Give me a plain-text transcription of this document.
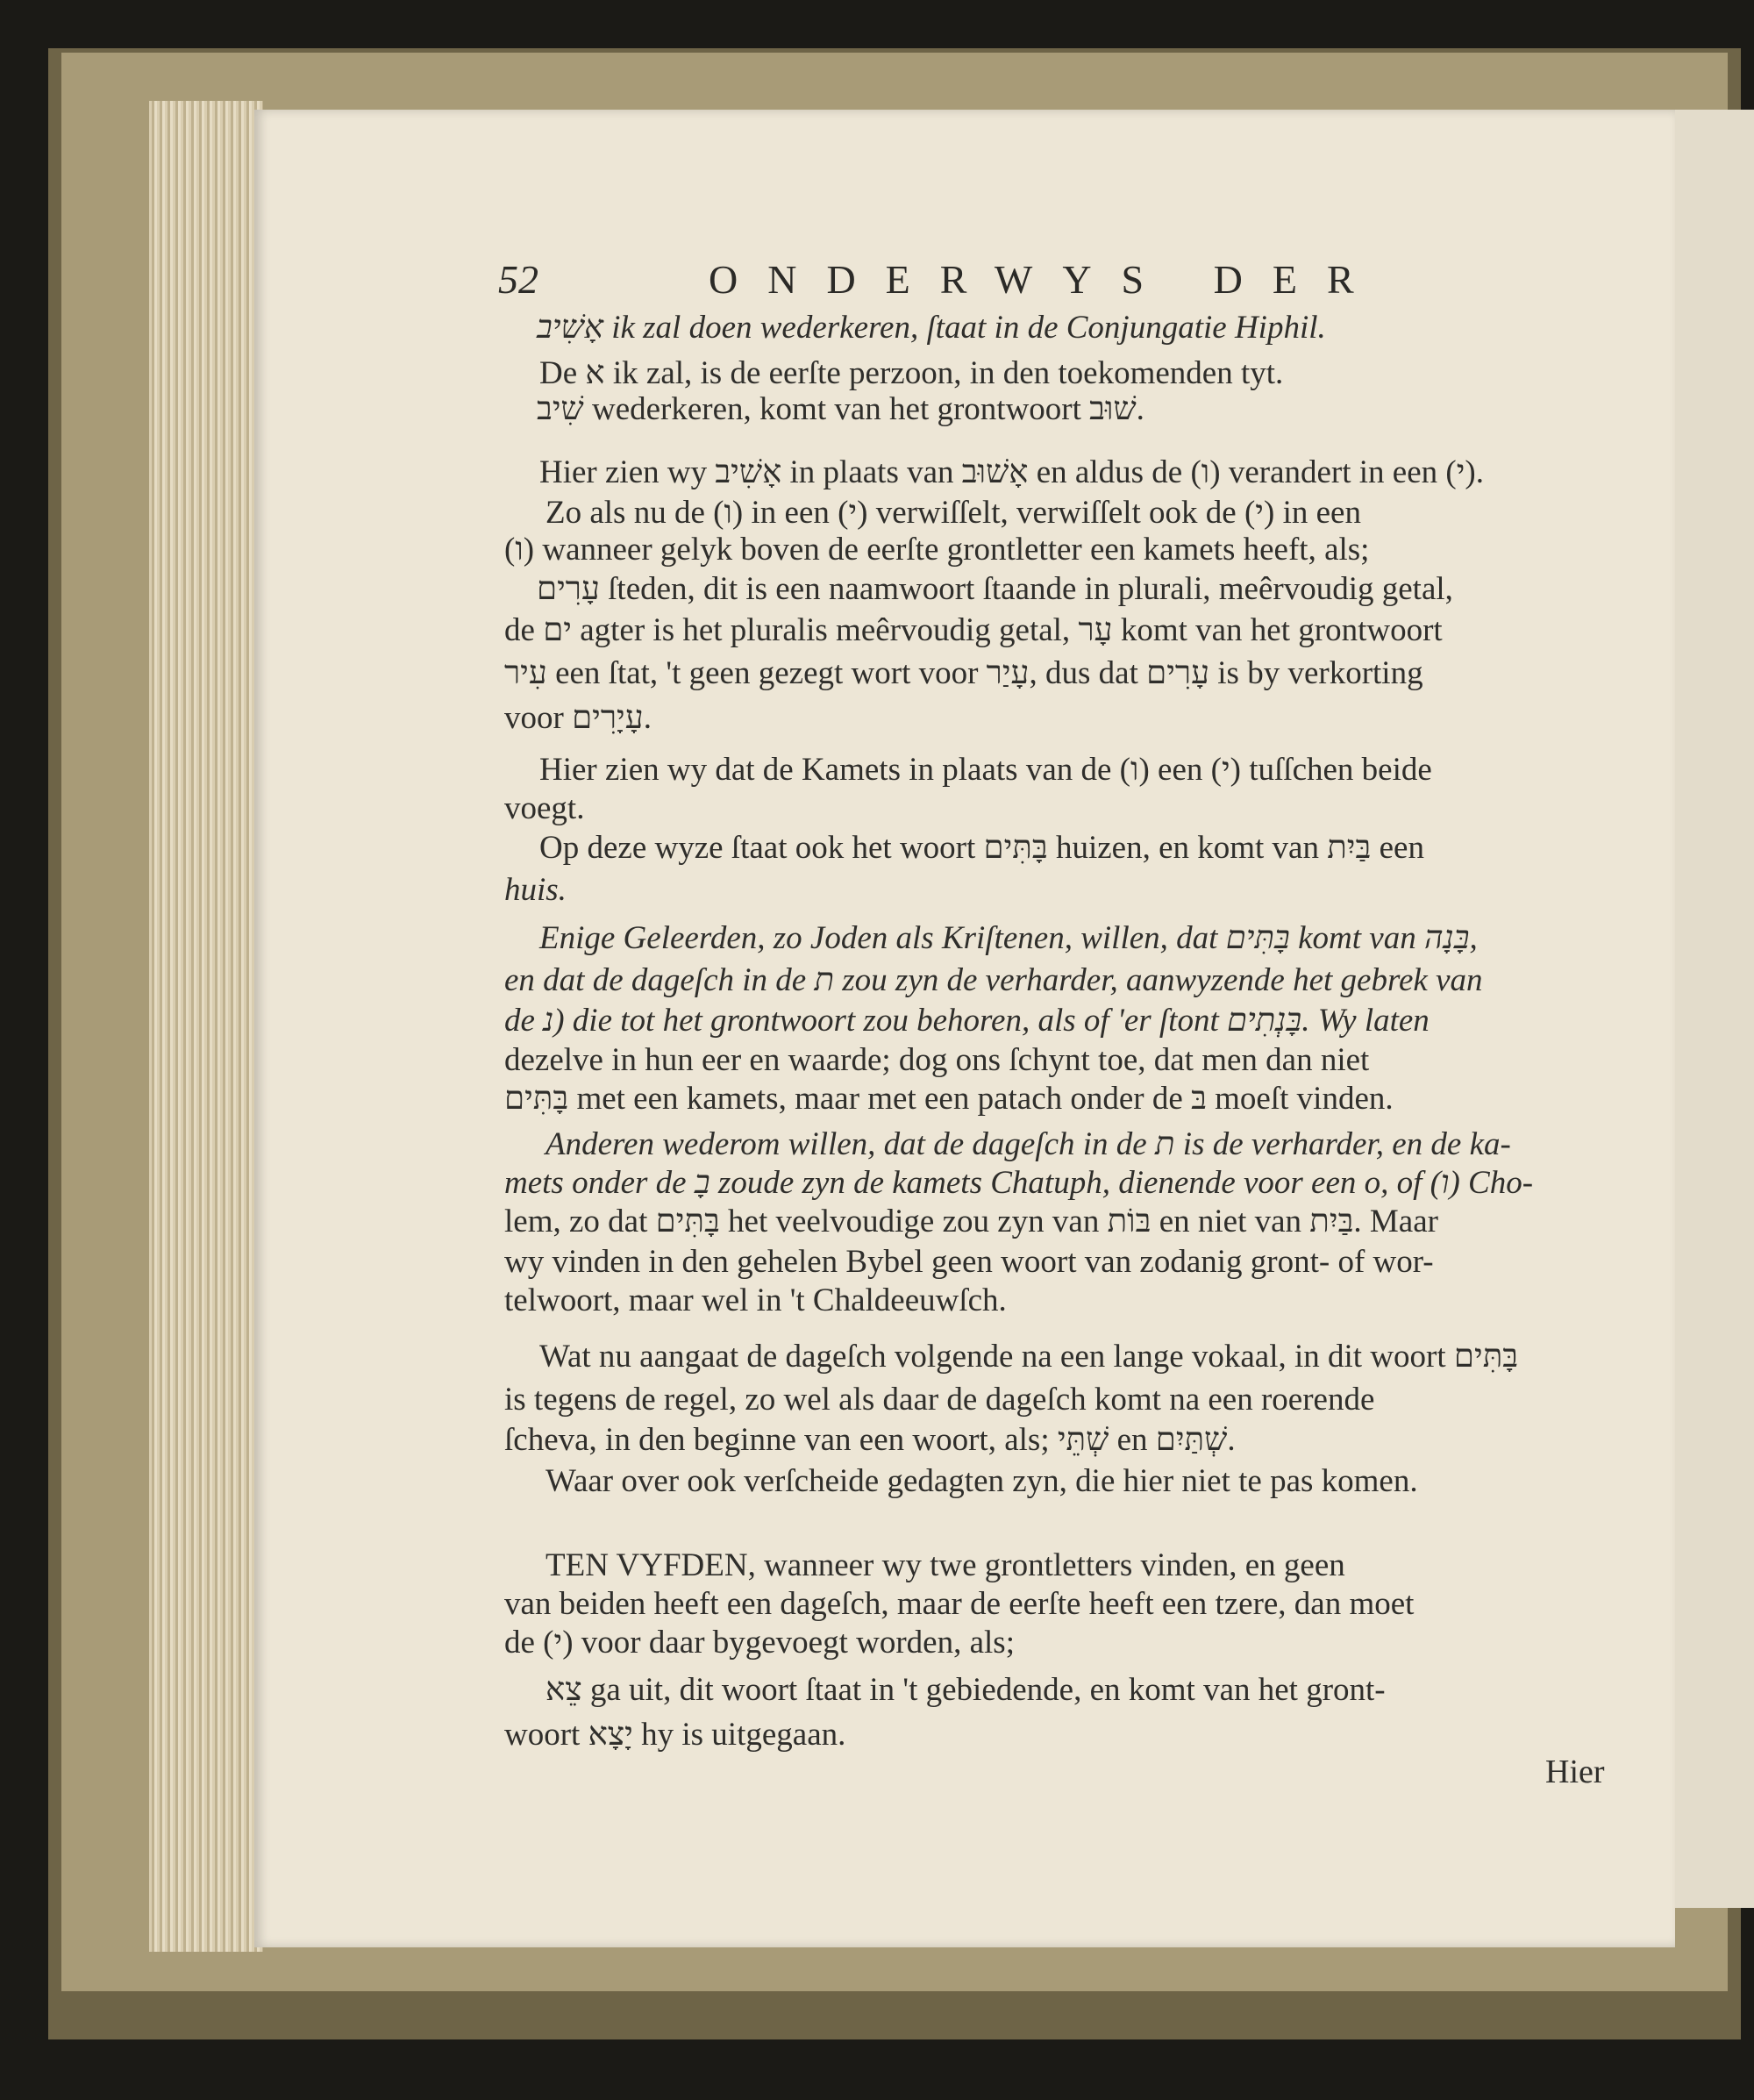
52	ONDERWYS DER
אָשִׁיב ik zal doen wederkeren, ſtaat in de Conjungatie Hiphil.
De א ik zal, is de eerſte perzoon, in den toekomenden tyt.
שִׁיב wederkeren, komt van het grontwoort שׁוּב.
Hier zien wy אָשִׁיב in plaats van אָשׁוּב en aldus de (ו) verandert in een (י).
Zo als nu de (ו) in een (י) verwiſſelt, verwiſſelt ook de (י) in een
(ו) wanneer gelyk boven de eerſte grontletter een kamets heeft, als;
עָרִים ſteden, dit is een naamwoort ſtaande in plurali, meêrvoudig getal,
de ים agter is het pluralis meêrvoudig getal, עָר komt van het grontwoort
עִיר een ſtat, 't geen gezegt wort voor עָיַר, dus dat עָרִים is by verkorting
voor עָיָרִים.
Hier zien wy dat de Kamets in plaats van de (ו) een (י) tuſſchen beide
voegt.
Op deze wyze ſtaat ook het woort בָּתִּים huizen, en komt van בַּיִת een
huis.
Enige Geleerden, zo Joden als Kriſtenen, willen, dat בָּתִּים komt van בָּנָה,
en dat de dageſch in de ת zou zyn de verharder, aanwyzende het gebrek van
de נ) die tot het grontwoort zou behoren, als of 'er ſtont בָּנְתִים. Wy laten
dezelve in hun eer en waarde; dog ons ſchynt toe, dat men dan niet
בָּתִּים met een kamets, maar met een patach onder de בּ moeſt vinden.
Anderen wederom willen, dat de dageſch in de ת is de verharder, en de ka-
mets onder de בָ zoude zyn de kamets Chatuph, dienende voor een o, of (ו) Cho-
lem, zo dat בָּתִּים het veelvoudige zou zyn van בּוֹת en niet van בַּיִת. Maar
wy vinden in den gehelen Bybel geen woort van zodanig gront- of wor-
telwoort, maar wel in 't Chaldeeuwſch.
Wat nu aangaat de dageſch volgende na een lange vokaal, in dit woort בָּתִּים
is tegens de regel, zo wel als daar de dageſch komt na een roerende
ſcheva, in den beginne van een woort, als; שְׁתֵּי en שְׁתַּיִם.
Waar over ook verſcheide gedagten zyn, die hier niet te pas komen.
TEN VYFDEN, wanneer wy twe grontletters vinden, en geen
van beiden heeft een dageſch, maar de eerſte heeft een tzere, dan moet
de (י) voor daar bygevoegt worden, als;
צֵא ga uit, dit woort ſtaat in 't gebiedende, en komt van het gront-
woort יָצָא hy is uitgegaan.
Hier
